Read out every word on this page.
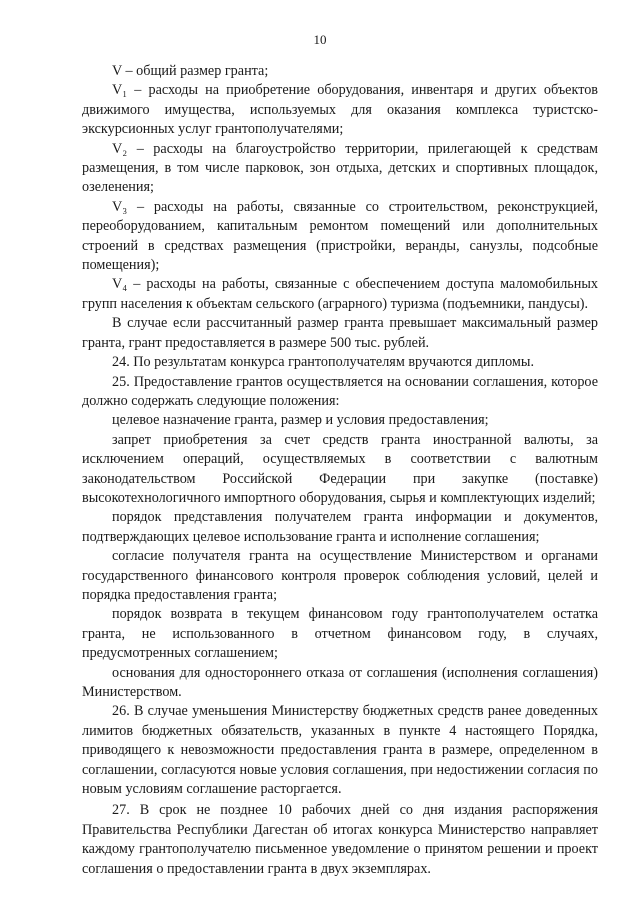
10

V – общий размер гранта;

V₁ – расходы на приобретение оборудования, инвентаря и других объектов движимого имущества, используемых для оказания комплекса туристско-экскурсионных услуг грантополучателями;

V₂ – расходы на благоустройство территории, прилегающей к средствам размещения, в том числе парковок, зон отдыха, детских и спортивных площадок, озеленения;

V₃ – расходы на работы, связанные со строительством, реконструкцией, переоборудованием, капитальным ремонтом помещений или дополнительных строений в средствах размещения (пристройки, веранды, санузлы, подсобные помещения);

V₄ – расходы на работы, связанные с обеспечением доступа маломобильных групп населения к объектам сельского (аграрного) туризма (подъемники, пандусы).

В случае если рассчитанный размер гранта превышает максимальный размер гранта, грант предоставляется в размере 500 тыс. рублей.

24. По результатам конкурса грантополучателям вручаются дипломы.

25. Предоставление грантов осуществляется на основании соглашения, которое должно содержать следующие положения:

целевое назначение гранта, размер и условия предоставления;

запрет приобретения за счет средств гранта иностранной валюты, за исключением операций, осуществляемых в соответствии с валютным законодательством Российской Федерации при закупке (поставке) высокотехнологичного импортного оборудования, сырья и комплектующих изделий;

порядок представления получателем гранта информации и документов, подтверждающих целевое использование гранта и исполнение соглашения;

согласие получателя гранта на осуществление Министерством и органами государственного финансового контроля проверок соблюдения условий, целей и порядка предоставления гранта;

порядок возврата в текущем финансовом году грантополучателем остатка гранта, не использованного в отчетном финансовом году, в случаях, предусмотренных соглашением;

основания для одностороннего отказа от соглашения (исполнения соглашения) Министерством.

26. В случае уменьшения Министерству бюджетных средств ранее доведенных лимитов бюджетных обязательств, указанных в пункте 4 настоящего Порядка, приводящего к невозможности предоставления гранта в размере, определенном в соглашении, согласуются новые условия соглашения, при недостижении согласия по новым условиям соглашение расторгается.

27. В срок не позднее 10 рабочих дней со дня издания распоряжения Правительства Республики Дагестан об итогах конкурса Министерство направляет каждому грантополучателю письменное уведомление о принятом решении и проект соглашения о предоставлении гранта в двух экземплярах.
